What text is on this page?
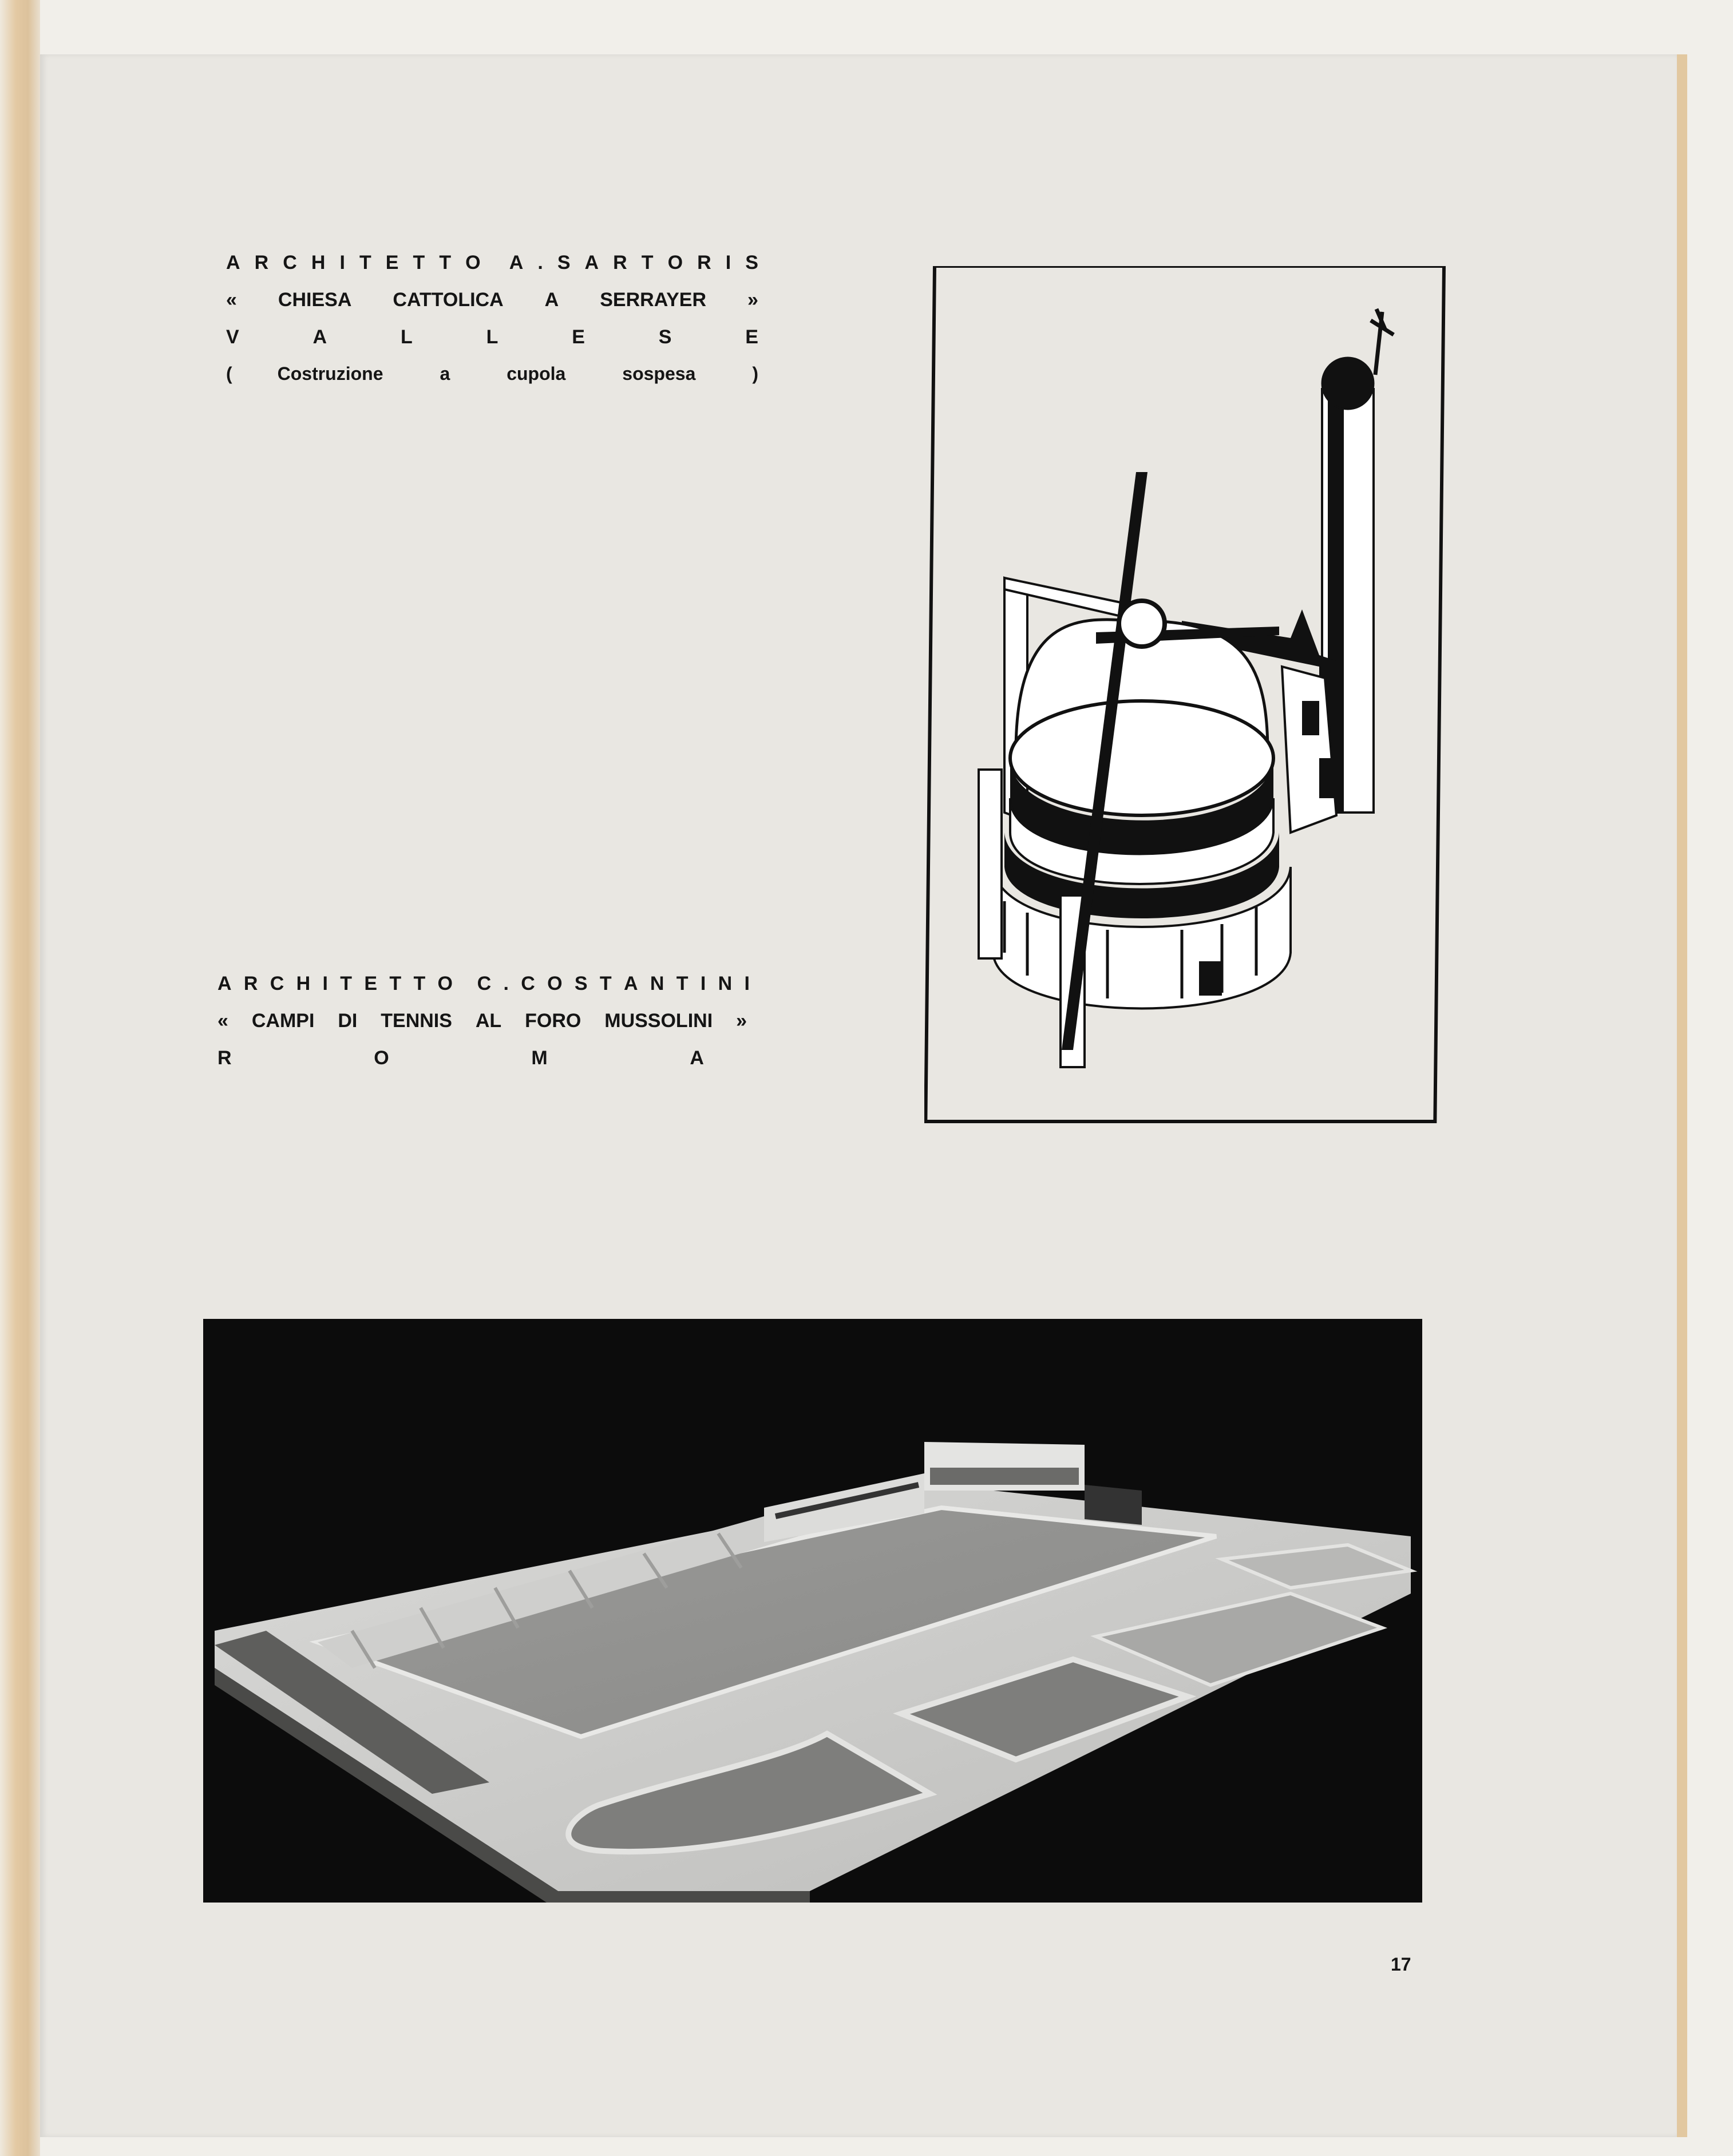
A R C H I T E T T O A . S A R T O R I S
« CHIESA CATTOLICA A SERRAYER »
V	A	L	L	E	S	E
( Costruzione	a	cupola	sospesa	)
A R C H I T E T T O C . C O S T A N T I N I
« CAMPI DI TENNIS AL FORO MUSSOLINI »
R	O	M	A
17
